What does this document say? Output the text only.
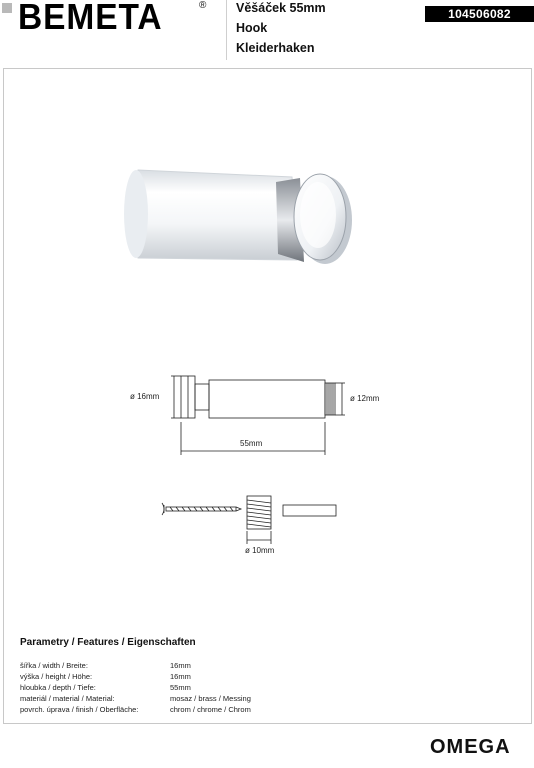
BEMETA	® Věšáček 55mm
Hook
Kleiderhaken
104506082
ø 16mm	ø 12mm
55mm
ø 10mm
Parametry / Features / Eigenschaften
šířka / width / Breite:	16mm
výška / height / Höhe:	16mm
hloubka / depth / Tiefe:	55mm
materiál / material / Material:	mosaz / brass / Messing
povrch. úprava / finish / Oberfläche:	chrom / chrome / Chrom
OMEGA
